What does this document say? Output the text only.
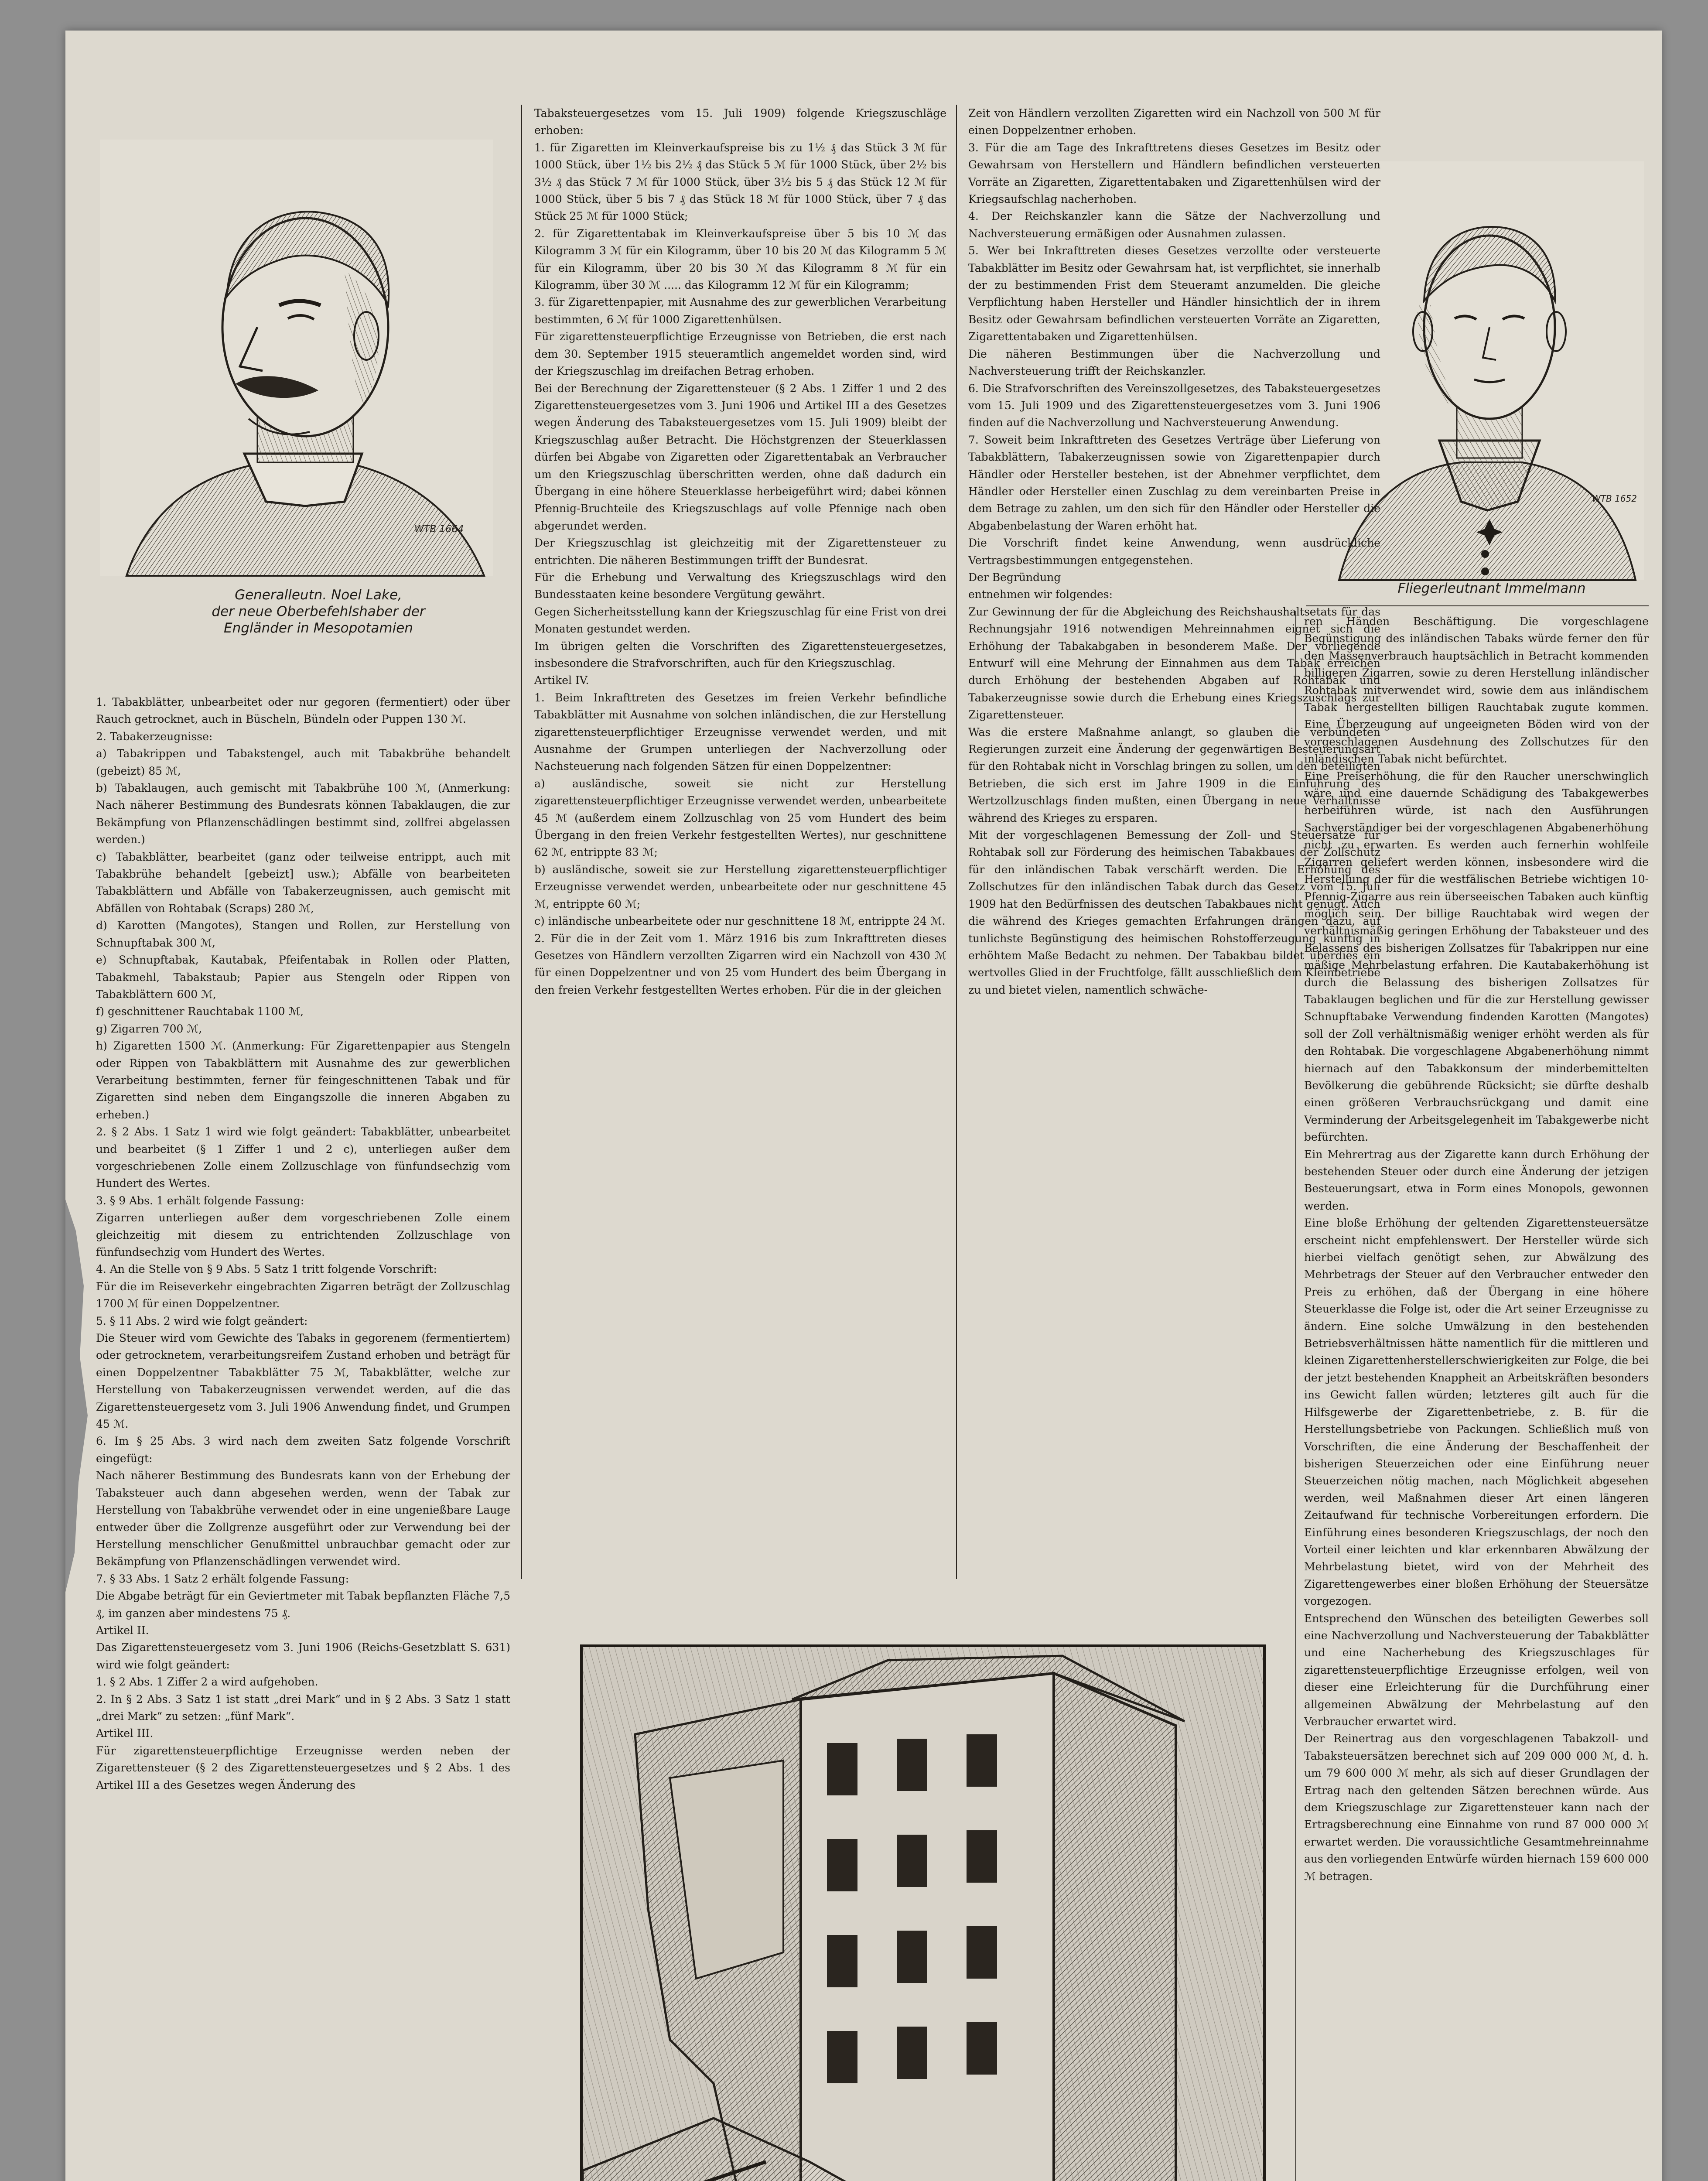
WTB 1664
Generalleutn. Noel Lake,
der neue Oberbefehlshaber der
Engländer in Mesopotamien
WTB 1652
Fliegerleutnant Immelmann
1. Tabakblätter, unbearbeitet oder nur gegoren (fermentiert) oder über Rauch getrocknet, auch in Büscheln, Bündeln oder Puppen 130 ℳ.
2. Tabakerzeugnisse:
a) Tabakrippen und Tabakstengel, auch mit Tabakbrühe behandelt (gebeizt) 85 ℳ,
b) Tabaklaugen, auch gemischt mit Tabakbrühe 100 ℳ, (Anmerkung: Nach näherer Bestimmung des Bundesrats können Tabaklaugen, die zur Bekämpfung von Pflanzenschädlingen bestimmt sind, zollfrei abgelassen werden.)
c) Tabakblätter, bearbeitet (ganz oder teilweise entrippt, auch mit Tabakbrühe behandelt [gebeizt] usw.); Abfälle von bearbeiteten Tabakblättern und Abfälle von Tabakerzeugnissen, auch gemischt mit Abfällen von Rohtabak (Scraps) 280 ℳ,
d) Karotten (Mangotes), Stangen und Rollen, zur Herstellung von Schnupftabak 300 ℳ,
e) Schnupftabak, Kautabak, Pfeifentabak in Rollen oder Platten, Tabakmehl, Tabakstaub; Papier aus Stengeln oder Rippen von Tabakblättern 600 ℳ,
f) geschnittener Rauchtabak 1100 ℳ,
g) Zigarren 700 ℳ,
h) Zigaretten 1500 ℳ. (Anmerkung: Für Zigarettenpapier aus Stengeln oder Rippen von Tabakblättern mit Ausnahme des zur gewerblichen Verarbeitung bestimmten, ferner für feingeschnittenen Tabak und für Zigaretten sind neben dem Eingangszolle die inneren Abgaben zu erheben.)
2. § 2 Abs. 1 Satz 1 wird wie folgt geändert: Tabakblätter, unbearbeitet und bearbeitet (§ 1 Ziffer 1 und 2 c), unterliegen außer dem vorgeschriebenen Zolle einem Zollzuschlage von fünfundsechzig vom Hundert des Wertes.
3. § 9 Abs. 1 erhält folgende Fassung:
Zigarren unterliegen außer dem vorgeschriebenen Zolle einem gleichzeitig mit diesem zu entrichtenden Zollzuschlage von fünfundsechzig vom Hundert des Wertes.
4. An die Stelle von § 9 Abs. 5 Satz 1 tritt folgende Vorschrift:
Für die im Reiseverkehr eingebrachten Zigarren beträgt der Zollzuschlag 1700 ℳ für einen Doppelzentner.
5. § 11 Abs. 2 wird wie folgt geändert:
Die Steuer wird vom Gewichte des Tabaks in gegorenem (fermentiertem) oder getrocknetem, verarbeitungsreifem Zustand erhoben und beträgt für einen Doppelzentner Tabakblätter 75 ℳ, Tabakblätter, welche zur Herstellung von Tabakerzeugnissen verwendet werden, auf die das Zigarettensteuergesetz vom 3. Juli 1906 Anwendung findet, und Grumpen 45 ℳ.
6. Im § 25 Abs. 3 wird nach dem zweiten Satz folgende Vorschrift eingefügt:
Nach näherer Bestimmung des Bundesrats kann von der Erhebung der Tabaksteuer auch dann abgesehen werden, wenn der Tabak zur Herstellung von Tabakbrühe verwendet oder in eine ungenießbare Lauge entweder über die Zollgrenze ausgeführt oder zur Verwendung bei der Herstellung menschlicher Genußmittel unbrauchbar gemacht oder zur Bekämpfung von Pflanzenschädlingen verwendet wird.
7. § 33 Abs. 1 Satz 2 erhält folgende Fassung:
Die Abgabe beträgt für ein Geviertmeter mit Tabak bepflanzten Fläche 7,5 ₰, im ganzen aber mindestens 75 ₰.
Artikel II.
Das Zigarettensteuergesetz vom 3. Juni 1906 (Reichs-Gesetzblatt S. 631) wird wie folgt geändert:
1. § 2 Abs. 1 Ziffer 2 a wird aufgehoben.
2. In § 2 Abs. 3 Satz 1 ist statt „drei Mark“ und in § 2 Abs. 3 Satz 1 statt „drei Mark“ zu setzen: „fünf Mark“.
Artikel III.
Für zigarettensteuerpflichtige Erzeugnisse werden neben der Zigarettensteuer (§ 2 des Zigarettensteuergesetzes und § 2 Abs. 1 des Artikel III a des Gesetzes wegen Änderung des
Tabaksteuergesetzes vom 15. Juli 1909) folgende Kriegszuschläge erhoben:
1. für Zigaretten im Kleinverkaufspreise bis zu 1½ ₰ das Stück 3 ℳ für 1000 Stück, über 1½ bis 2½ ₰ das Stück 5 ℳ für 1000 Stück, über 2½ bis 3½ ₰ das Stück 7 ℳ für 1000 Stück, über 3½ bis 5 ₰ das Stück 12 ℳ für 1000 Stück, über 5 bis 7 ₰ das Stück 18 ℳ für 1000 Stück, über 7 ₰ das Stück 25 ℳ für 1000 Stück;
2. für Zigarettentabak im Kleinverkaufspreise über 5 bis 10 ℳ das Kilogramm 3 ℳ für ein Kilogramm, über 10 bis 20 ℳ das Kilogramm 5 ℳ für ein Kilogramm, über 20 bis 30 ℳ das Kilogramm 8 ℳ für ein Kilogramm, über 30 ℳ ..... das Kilogramm 12 ℳ für ein Kilogramm;
3. für Zigarettenpapier, mit Ausnahme des zur gewerblichen Verarbeitung bestimmten, 6 ℳ für 1000 Zigarettenhülsen.
Für zigarettensteuerpflichtige Erzeugnisse von Betrieben, die erst nach dem 30. September 1915 steueramtlich angemeldet worden sind, wird der Kriegszuschlag im dreifachen Betrag erhoben.
Bei der Berechnung der Zigarettensteuer (§ 2 Abs. 1 Ziffer 1 und 2 des Zigarettensteuergesetzes vom 3. Juni 1906 und Artikel III a des Gesetzes wegen Änderung des Tabaksteuergesetzes vom 15. Juli 1909) bleibt der Kriegszuschlag außer Betracht. Die Höchstgrenzen der Steuerklassen dürfen bei Abgabe von Zigaretten oder Zigarettentabak an Verbraucher um den Kriegszuschlag überschritten werden, ohne daß dadurch ein Übergang in eine höhere Steuerklasse herbeigeführt wird; dabei können Pfennig-Bruchteile des Kriegszuschlags auf volle Pfennige nach oben abgerundet werden.
Der Kriegszuschlag ist gleichzeitig mit der Zigarettensteuer zu entrichten. Die näheren Bestimmungen trifft der Bundesrat.
Für die Erhebung und Verwaltung des Kriegszuschlags wird den Bundesstaaten keine besondere Vergütung gewährt.
Gegen Sicherheitsstellung kann der Kriegszuschlag für eine Frist von drei Monaten gestundet werden.
Im übrigen gelten die Vorschriften des Zigarettensteuergesetzes, insbesondere die Strafvorschriften, auch für den Kriegszuschlag.
Artikel IV.
1. Beim Inkrafttreten des Gesetzes im freien Verkehr befindliche Tabakblätter mit Ausnahme von solchen inländischen, die zur Herstellung zigarettensteuerpflichtiger Erzeugnisse verwendet werden, und mit Ausnahme der Grumpen unterliegen der Nachverzollung oder Nachsteuerung nach folgenden Sätzen für einen Doppelzentner:
a) ausländische, soweit sie nicht zur Herstellung zigarettensteuerpflichtiger Erzeugnisse verwendet werden, unbearbeitete 45 ℳ (außerdem einem Zollzuschlag von 25 vom Hundert des beim Übergang in den freien Verkehr festgestellten Wertes), nur geschnittene 62 ℳ, entrippte 83 ℳ;
b) ausländische, soweit sie zur Herstellung zigarettensteuerpflichtiger Erzeugnisse verwendet werden, unbearbeitete oder nur geschnittene 45 ℳ, entrippte 60 ℳ;
c) inländische unbearbeitete oder nur geschnittene 18 ℳ, entrippte 24 ℳ.
2. Für die in der Zeit vom 1. März 1916 bis zum Inkrafttreten dieses Gesetzes von Händlern verzollten Zigarren wird ein Nachzoll von 430 ℳ für einen Doppelzentner und von 25 vom Hundert des beim Übergang in den freien Verkehr festgestellten Wertes erhoben. Für die in der gleichen
Zeit von Händlern verzollten Zigaretten wird ein Nachzoll von 500 ℳ für einen Doppelzentner erhoben.
3. Für die am Tage des Inkrafttretens dieses Gesetzes im Besitz oder Gewahrsam von Herstellern und Händlern befindlichen versteuerten Vorräte an Zigaretten, Zigarettentabaken und Zigarettenhülsen wird der Kriegsaufschlag nacherhoben.
4. Der Reichskanzler kann die Sätze der Nachverzollung und Nachversteuerung ermäßigen oder Ausnahmen zulassen.
5. Wer bei Inkrafttreten dieses Gesetzes verzollte oder versteuerte Tabakblätter im Besitz oder Gewahrsam hat, ist verpflichtet, sie innerhalb der zu bestimmenden Frist dem Steueramt anzumelden. Die gleiche Verpflichtung haben Hersteller und Händler hinsichtlich der in ihrem Besitz oder Gewahrsam befindlichen versteuerten Vorräte an Zigaretten, Zigarettentabaken und Zigarettenhülsen.
Die näheren Bestimmungen über die Nachverzollung und Nachversteuerung trifft der Reichskanzler.
6. Die Strafvorschriften des Vereinszollgesetzes, des Tabaksteuergesetzes vom 15. Juli 1909 und des Zigarettensteuergesetzes vom 3. Juni 1906 finden auf die Nachverzollung und Nachversteuerung Anwendung.
7. Soweit beim Inkrafttreten des Gesetzes Verträge über Lieferung von Tabakblättern, Tabakerzeugnissen sowie von Zigarettenpapier durch Händler oder Hersteller bestehen, ist der Abnehmer verpflichtet, dem Händler oder Hersteller einen Zuschlag zu dem vereinbarten Preise in dem Betrage zu zahlen, um den sich für den Händler oder Hersteller die Abgabenbelastung der Waren erhöht hat.
Die Vorschrift findet keine Anwendung, wenn ausdrückliche Vertragsbestimmungen entgegenstehen.
Der Begründung
entnehmen wir folgendes:
Zur Gewinnung der für die Abgleichung des Reichshaushaltsetats für das Rechnungsjahr 1916 notwendigen Mehreinnahmen eignet sich die Erhöhung der Tabakabgaben in besonderem Maße. Der vorliegende Entwurf will eine Mehrung der Einnahmen aus dem Tabak erreichen durch Erhöhung der bestehenden Abgaben auf Rohtabak und Tabakerzeugnisse sowie durch die Erhebung eines Kriegszuschlags zur Zigarettensteuer.
Was die erstere Maßnahme anlangt, so glauben die verbündeten Regierungen zurzeit eine Änderung der gegenwärtigen Besteuerungsart für den Rohtabak nicht in Vorschlag bringen zu sollen, um den beteiligten Betrieben, die sich erst im Jahre 1909 in die Einführung des Wertzollzuschlags finden mußten, einen Übergang in neue Verhältnisse während des Krieges zu ersparen.
Mit der vorgeschlagenen Bemessung der Zoll- und Steuersätze für Rohtabak soll zur Förderung des heimischen Tabakbaues der Zollschutz für den inländischen Tabak verschärft werden. Die Erhöhung des Zollschutzes für den inländischen Tabak durch das Gesetz vom 15. Juli 1909 hat den Bedürfnissen des deutschen Tabakbaues nicht genügt. Auch die während des Krieges gemachten Erfahrungen drängen dazu, auf tunlichste Begünstigung des heimischen Rohstofferzeugung künftig in erhöhtem Maße Bedacht zu nehmen. Der Tabakbau bildet überdies ein wertvolles Glied in der Fruchtfolge, fällt ausschließlich dem Kleinbetriebe zu und bietet vielen, namentlich schwäche-
ren Händen Beschäftigung. Die vorgeschlagene Begünstigung des inländischen Tabaks würde ferner den für den Massenverbrauch hauptsächlich in Betracht kommenden billigeren Zigarren, sowie zu deren Herstellung inländischer Rohtabak mitverwendet wird, sowie dem aus inländischem Tabak hergestellten billigen Rauchtabak zugute kommen. Eine Überzeugung auf ungeeigneten Böden wird von der vorgeschlagenen Ausdehnung des Zollschutzes für den inländischen Tabak nicht befürchtet.
Eine Preiserhöhung, die für den Raucher unerschwinglich wäre und eine dauernde Schädigung des Tabakgewerbes herbeiführen würde, ist nach den Ausführungen Sachverständiger bei der vorgeschlagenen Abgabenerhöhung nicht zu erwarten. Es werden auch fernerhin wohlfeile Zigarren geliefert werden können, insbesondere wird die Herstellung der für die westfälischen Betriebe wichtigen 10-Pfennig-Zigarre aus rein überseeischen Tabaken auch künftig möglich sein. Der billige Rauchtabak wird wegen der verhältnismäßig geringen Erhöhung der Tabaksteuer und des Belassens des bisherigen Zollsatzes für Tabakrippen nur eine mäßige Mehrbelastung erfahren. Die Kautabakerhöhung ist durch die Belassung des bisherigen Zollsatzes für Tabaklaugen beglichen und für die zur Herstellung gewisser Schnupftabake Verwendung findenden Karotten (Mangotes) soll der Zoll verhältnismäßig weniger erhöht werden als für den Rohtabak. Die vorgeschlagene Abgabenerhöhung nimmt hiernach auf den Tabakkonsum der minderbemittelten Bevölkerung die gebührende Rücksicht; sie dürfte deshalb einen größeren Verbrauchsrückgang und damit eine Verminderung der Arbeitsgelegenheit im Tabakgewerbe nicht befürchten.
Ein Mehrertrag aus der Zigarette kann durch Erhöhung der bestehenden Steuer oder durch eine Änderung der jetzigen Besteuerungsart, etwa in Form eines Monopols, gewonnen werden.
Eine bloße Erhöhung der geltenden Zigarettensteuersätze erscheint nicht empfehlenswert. Der Hersteller würde sich hierbei vielfach genötigt sehen, zur Abwälzung des Mehrbetrags der Steuer auf den Verbraucher entweder den Preis zu erhöhen, daß der Übergang in eine höhere Steuerklasse die Folge ist, oder die Art seiner Erzeugnisse zu ändern. Eine solche Umwälzung in den bestehenden Betriebsverhältnissen hätte namentlich für die mittleren und kleinen Zigarettenherstellerschwierigkeiten zur Folge, die bei der jetzt bestehenden Knappheit an Arbeitskräften besonders ins Gewicht fallen würden; letzteres gilt auch für die Hilfsgewerbe der Zigarettenbetriebe, z. B. für die Herstellungsbetriebe von Packungen. Schließlich muß von Vorschriften, die eine Änderung der Beschaffenheit der bisherigen Steuerzeichen oder eine Einführung neuer Steuerzeichen nötig machen, nach Möglichkeit abgesehen werden, weil Maßnahmen dieser Art einen längeren Zeitaufwand für technische Vorbereitungen erfordern. Die Einführung eines besonderen Kriegszuschlags, der noch den Vorteil einer leichten und klar erkennbaren Abwälzung der Mehrbelastung bietet, wird von der Mehrheit des Zigarettengewerbes einer bloßen Erhöhung der Steuersätze vorgezogen.
Entsprechend den Wünschen des beteiligten Gewerbes soll eine Nachverzollung und Nachversteuerung der Tabakblätter und eine Nacherhebung des Kriegszuschlages für zigarettensteuerpflichtige Erzeugnisse erfolgen, weil von dieser eine Erleichterung für die Durchführung einer allgemeinen Abwälzung der Mehrbelastung auf den Verbraucher erwartet wird.
Der Reinertrag aus den vorgeschlagenen Tabakzoll- und Tabaksteuersätzen berechnet sich auf 209 000 000 ℳ, d. h. um 79 600 000 ℳ mehr, als sich auf dieser Grundlagen der Ertrag nach den geltenden Sätzen berechnen würde. Aus dem Kriegszuschlage zur Zigarettensteuer kann nach der Ertragsberechnung eine Einnahme von rund 87 000 000 ℳ erwartet werden. Die voraussichtliche Gesamtmehreinnahme aus den vorliegenden Entwürfe würden hiernach 159 600 000 ℳ betragen.
